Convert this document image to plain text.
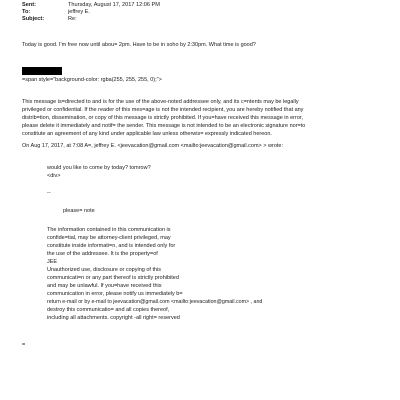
Sent:	Thursday, August 17, 2017 12:06 PM
To:	jeffrey E.
Subject:	Re:
Today is good. I'm free now until abou= 2pm. Have to be in soho by 2:30pm. What time is good?
=span style="background-color: rgba(255, 255, 255, 0);">
This message is=directed to and is for the use of the above-noted addressee only, and its c=ntents may be legally
privileged or confidential. If the reader of this mes=age is not the intended recipient, you are hereby notified that any
distrib=tion, dissemination, or copy of this message is strictly prohibited. If you=have received this message in error,
please delete it immediately and notif= the sender. This message is not intended to be an electronic signature nor=to
constitute an agreement of any kind under applicable law unless otherwis= expressly indicated hereon.
On Aug 17, 2017, at 7:08 A=, jeffrey E. <jeevacation@gmail.com <mailto:jeevacation@gmail.com> > wrote:
would you like to come by today? tomrow?
<div>
--
please= note
The information contained in this communication is
confide=tial, may be attorney-client privileged, may
constitute inside informati=n, and is intended only for
the use of the addressee. It is the property=of
JEE
Unauthorized use, disclosure or copying of this
communicati=n or any part thereof is strictly prohibited
and may be unlawful. If you=have received this
communication in error, please notify us immediately b=
return e-mail or by e-mail to jeevacation@gmail.com <mailto:jeevacation@gmail.com> , and
destroy this communicatio= and all copies thereof,
including all attachments. copyright -all right= reserved
=
